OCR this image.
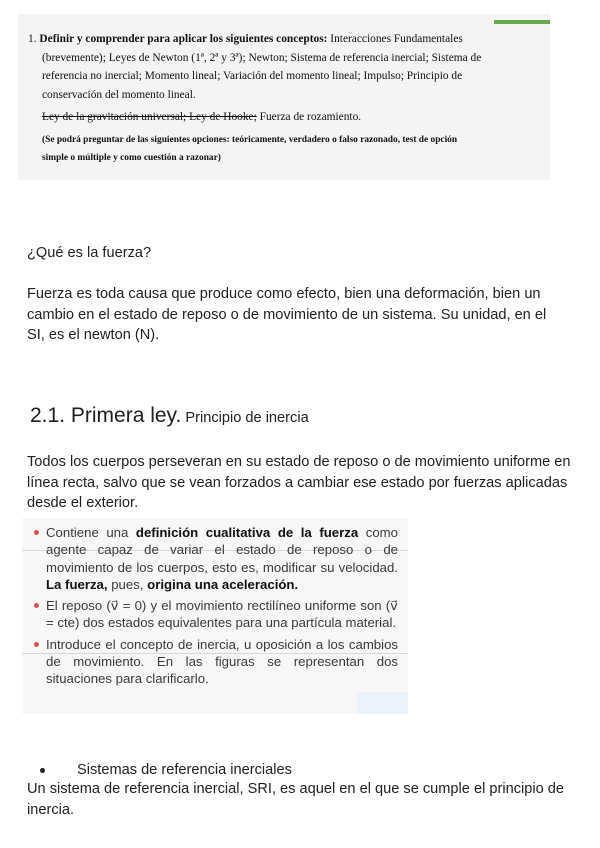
1. Definir y comprender para aplicar los siguientes conceptos: Interacciones Fundamentales
(brevemente); Leyes de Newton (1ª, 2ª y 3ª); Newton; Sistema de referencia inercial; Sistema de
referencia no inercial; Momento lineal; Variación del momento lineal; Impulso; Principio de
conservación del momento lineal.
Ley de la gravitación universal; Ley de Hooke; Fuerza de rozamiento.
(Se podrá preguntar de las siguientes opciones: teóricamente, verdadero o falso razonado, test de opción
simple o múltiple y como cuestión a razonar)
¿Qué es la fuerza?
Fuerza es toda causa que produce como efecto, bien una deformación, bien un cambio en el estado de reposo o de movimiento de un sistema. Su unidad, en el SI, es el newton (N).
2.1. Primera ley. Principio de inercia
Todos los cuerpos perseveran en su estado de reposo o de movimiento uniforme en línea recta, salvo que se vean forzados a cambiar ese estado por fuerzas aplicadas desde el exterior.
Contiene una definición cualitativa de la fuerza como agente capaz de variar el estado de reposo o de movimiento de los cuerpos, esto es, modificar su velocidad. La fuerza, pues, origina una aceleración.
El reposo (v⃗ = 0) y el movimiento rectilíneo uniforme son (v⃗ = cte) dos estados equivalentes para una partícula material.
Introduce el concepto de inercia, u oposición a los cambios de movimiento. En las figuras se representan dos situaciones para clarificarlo.
Sistemas de referencia inerciales
Un sistema de referencia inercial, SRI, es aquel en el que se cumple el principio de inercia.
